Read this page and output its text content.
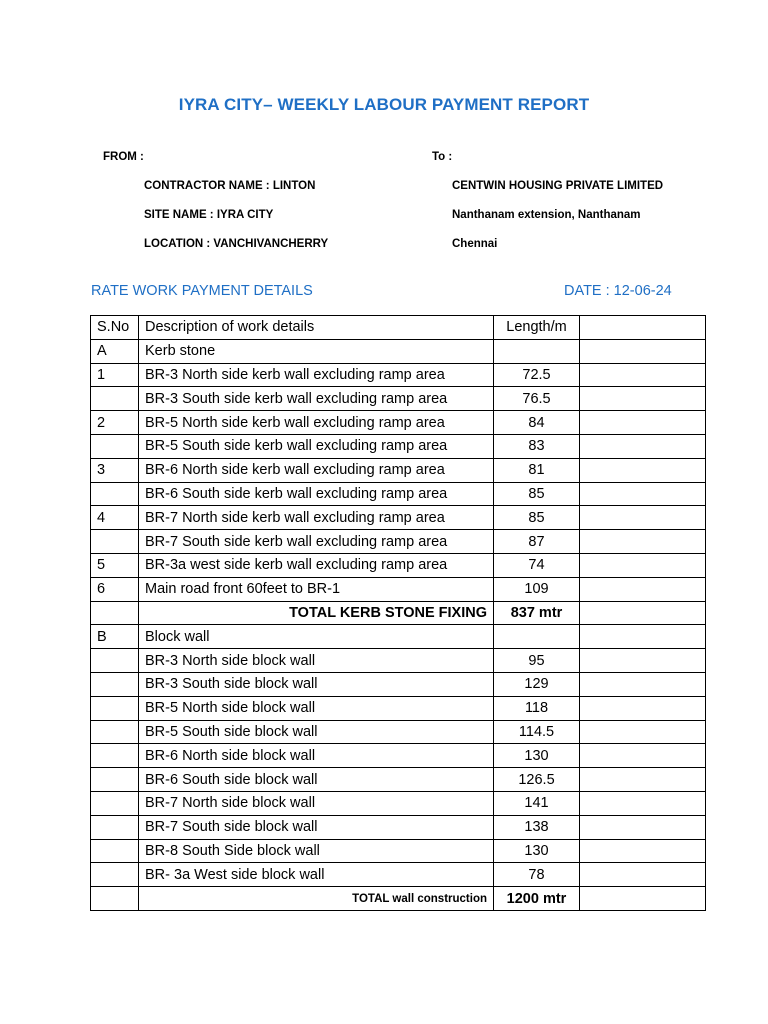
IYRA CITY– WEEKLY LABOUR PAYMENT REPORT
FROM :	To :
CONTRACTOR NAME : LINTON	CENTWIN HOUSING PRIVATE LIMITED
SITE NAME : IYRA CITY	Nanthanam extension, Nanthanam
LOCATION : VANCHIVANCHERRY	Chennai
RATE WORK PAYMENT DETAILS	DATE : 12-06-24
S.No	Description of work details	Length/m	
A	Kerb stone		
1	BR-3 North side kerb wall excluding ramp area	72.5	
	BR-3 South side kerb wall excluding ramp area	76.5	
2	BR-5 North side kerb wall excluding ramp area	84	
	BR-5 South side kerb wall excluding ramp area	83	
3	BR-6 North side kerb wall excluding ramp area	81	
	BR-6 South side kerb wall excluding ramp area	85	
4	BR-7 North side kerb wall excluding ramp area	85	
	BR-7 South side kerb wall excluding ramp area	87	
5	BR-3a west side kerb wall excluding ramp area	74	
6	Main road front 60feet to BR-1	109	
	TOTAL KERB STONE FIXING	837 mtr	
B	Block wall		
	BR-3 North side block wall	95	
	BR-3 South side block wall	129	
	BR-5 North side block wall	118	
	BR-5 South side block wall	114.5	
	BR-6 North side block wall	130	
	BR-6 South side block wall	126.5	
	BR-7 North side block wall	141	
	BR-7 South side block wall	138	
	BR-8 South Side block wall	130	
	BR- 3a West side block wall	78	
	TOTAL wall construction	1200 mtr	
